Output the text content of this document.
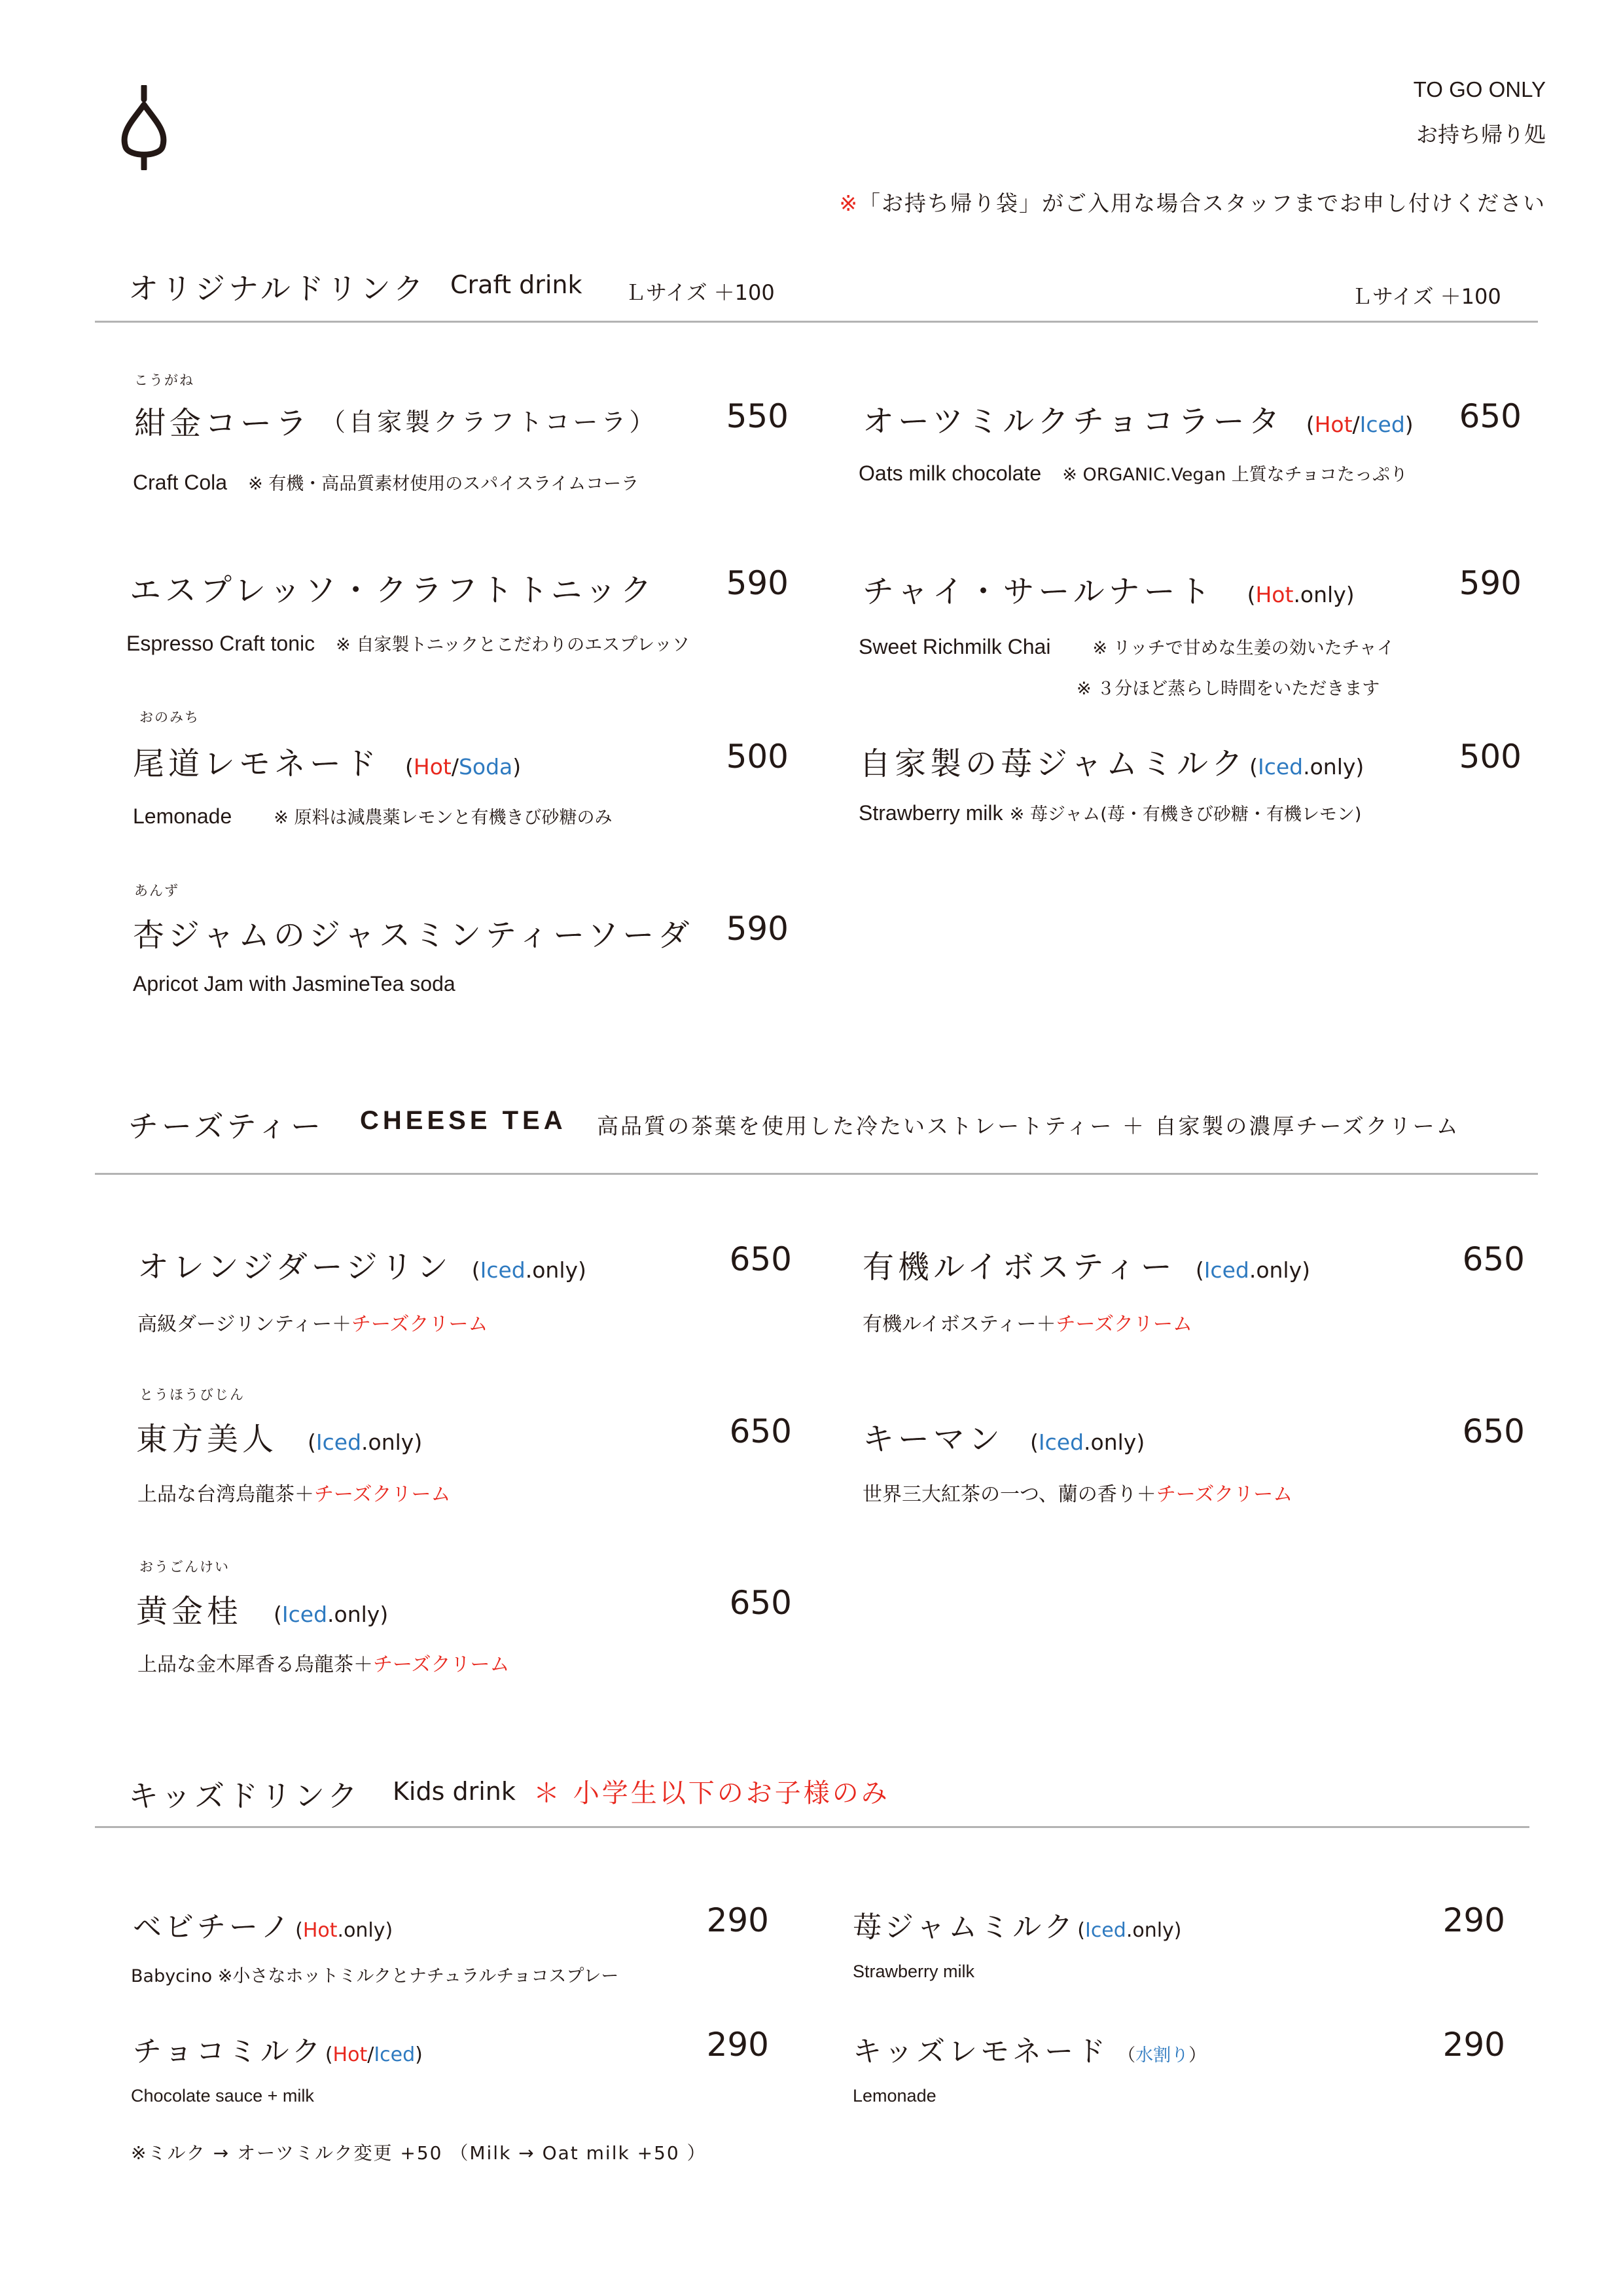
TO GO ONLY
お持ち帰り処
※「お持ち帰り袋」がご入用な場合スタッフまでお申し付けください
オリジナルドリンク Craft drink Ｌサイズ ＋100	Ｌサイズ ＋100
こうがね
紺金コーラ （自家製クラフトコーラ）	550
Craft Cola　 ※ 有機・高品質素材使用のスパイスライムコーラ
エスプレッソ・クラフトトニック	590
Espresso Craft tonic　 ※ 自家製トニックとこだわりのエスプレッソ
おのみち
尾道レモネード (Hot/Soda)	500
Lemonade　　 ※ 原料は減農薬レモンと有機きび砂糖のみ
あんず
杏ジャムのジャスミンティーソーダ	590
Apricot Jam with JasmineTea soda
オーツミルクチョコラータ (Hot/Iced)	650
Oats milk chocolate　 ※ ORGANIC.Vegan 上質なチョコたっぷり
チャイ・サールナート (Hot.only)	590
Sweet Richmilk Chai　　 ※ リッチで甘めな生姜の効いたチャイ
※ ３分ほど蒸らし時間をいただきます
自家製の苺ジャムミルク (Iced.only)	500
Strawberry milk ※ 苺ジャム(苺・有機きび砂糖・有機レモン)
チーズティー CHEESE TEA 高品質の茶葉を使用した冷たいストレートティー ＋ 自家製の濃厚チーズクリーム
オレンジダージリン (Iced.only)	650
高級ダージリンティー＋チーズクリーム
有機ルイボスティー (Iced.only)	650
有機ルイボスティー＋チーズクリーム
とうほうびじん
東方美人 (Iced.only)	650
上品な台湾烏龍茶＋チーズクリーム
キーマン (Iced.only)	650
世界三大紅茶の一つ、蘭の香り＋チーズクリーム
おうごんけい
黄金桂 (Iced.only)	650
上品な金木犀香る烏龍茶＋チーズクリーム
キッズドリンク Kids drink ＊ 小学生以下のお子様のみ
ベビチーノ (Hot.only)	290
Babycino ※小さなホットミルクとナチュラルチョコスプレー
苺ジャムミルク(Iced.only)	290
Strawberry milk
チョコミルク(Hot/Iced)	290
Chocolate sauce + milk
キッズレモネード （水割り）	290
Lemonade
※ミルク → オーツミルク変更 +50 （Milk → Oat milk +50 ）
